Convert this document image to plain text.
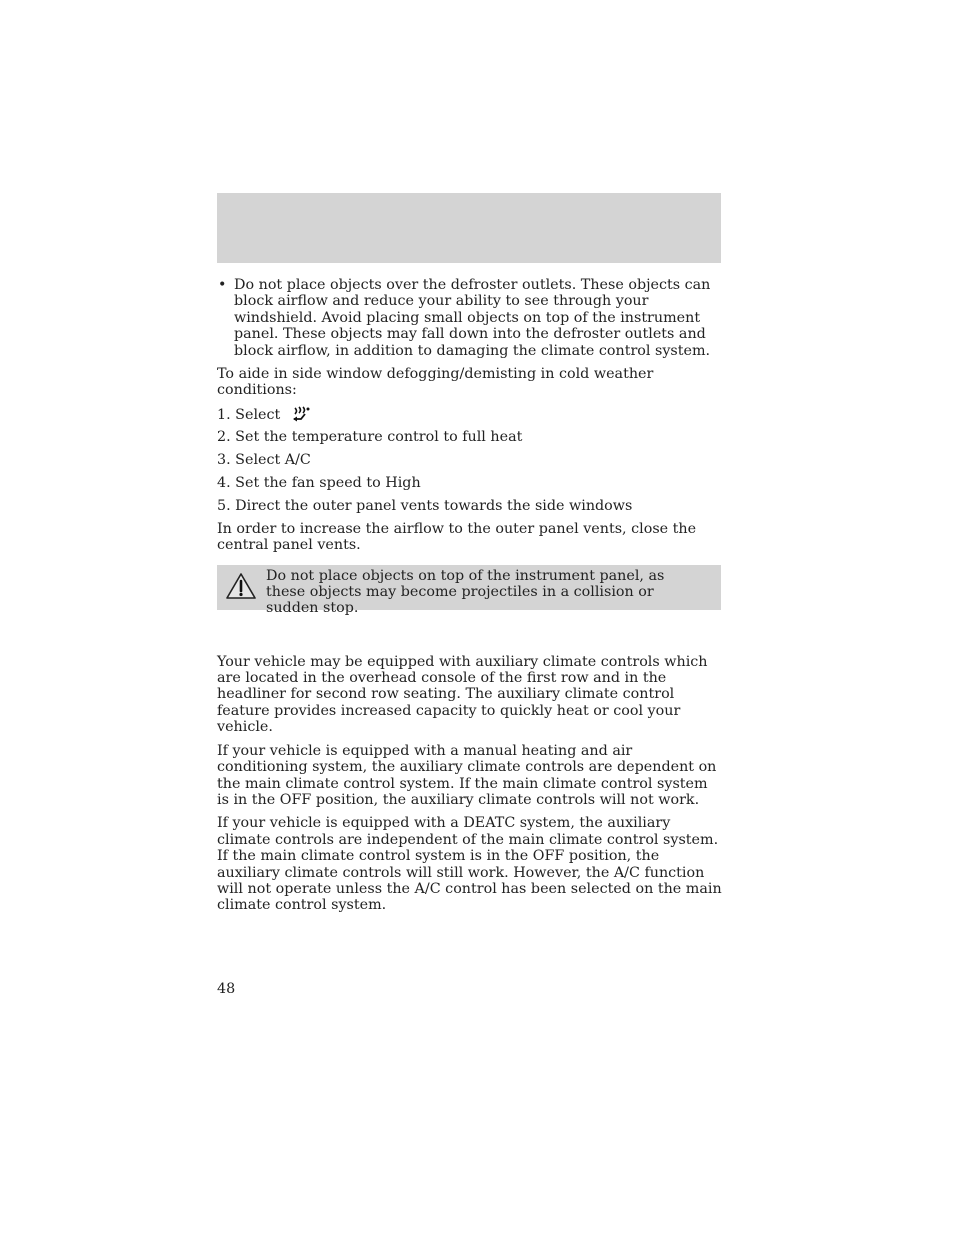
• Do not place objects over the defroster outlets. These objects can block airflow and reduce your ability to see through your windshield. Avoid placing small objects on top of the instrument panel. These objects may fall down into the defroster outlets and block airflow, in addition to damaging the climate control system.

To aide in side window defogging/demisting in cold weather conditions:

1. Select
2. Set the temperature control to full heat
3. Select A/C
4. Set the fan speed to High
5. Direct the outer panel vents towards the side windows

In order to increase the airflow to the outer panel vents, close the central panel vents.

Do not place objects on top of the instrument panel, as these objects may become projectiles in a collision or sudden stop.

Your vehicle may be equipped with auxiliary climate controls which are located in the overhead console of the first row and in the headliner for second row seating. The auxiliary climate control feature provides increased capacity to quickly heat or cool your vehicle.

If your vehicle is equipped with a manual heating and air conditioning system, the auxiliary climate controls are dependent on the main climate control system. If the main climate control system is in the OFF position, the auxiliary climate controls will not work.

If your vehicle is equipped with a DEATC system, the auxiliary climate controls are independent of the main climate control system. If the main climate control system is in the OFF position, the auxiliary climate controls will still work. However, the A/C function will not operate unless the A/C control has been selected on the main climate control system.

48
